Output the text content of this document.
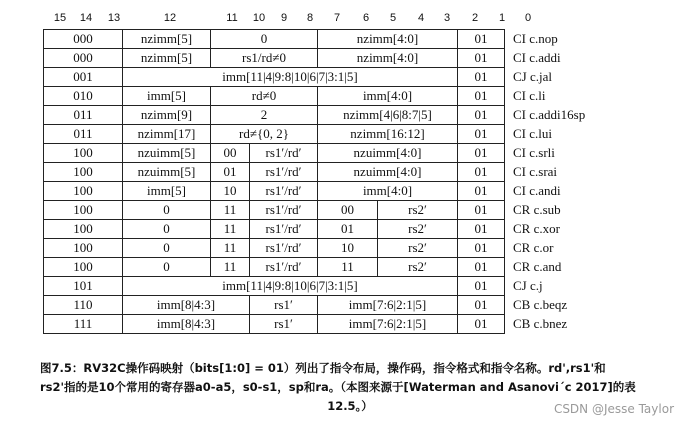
15 14 13	12	11 10 9 8 7 6 5 4 3 2 1 0
000	nzimm[5]	0		nzimm[4:0]		01	CI c.nop
000	nzimm[5]	rs1/rd≠0		nzimm[4:0]		01	CI c.addi
001	imm[11|4|9:8|10|6|7|3:1|5]					01	CJ c.jal
010	imm[5]	rd≠0		imm[4:0]		01	CI c.li
011	nzimm[9]	2		nzimm[4|6|8:7|5]		01	CI c.addi16sp
011	nzimm[17]	rd≠{0, 2}		nzimm[16:12]		01	CI c.lui
100	nzuimm[5]	00	rs1′/rd′	nzuimm[4:0]		01	CI c.srli
100	nzuimm[5]	01	rs1′/rd′	nzuimm[4:0]		01	CI c.srai
100	imm[5]	10	rs1′/rd′	imm[4:0]		01	CI c.andi
100	0	11	rs1′/rd′	00	rs2′	01	CR c.sub
100	0	11	rs1′/rd′	01	rs2′	01	CR c.xor
100	0	11	rs1′/rd′	10	rs2′	01	CR c.or
100	0	11	rs1′/rd′	11	rs2′	01	CR c.and
101	imm[11|4|9:8|10|6|7|3:1|5]					01	CJ c.j
110	imm[8|4:3]		rs1′	imm[7:6|2:1|5]		01	CB c.beqz
111	imm[8|4:3]		rs1′	imm[7:6|2:1|5]		01	CB c.bnez
图7.5：RV32C操作码映射（bits[1:0] = 01）列出了指令布局，操作码，指令格式和指令名称。rd',rs1'和
rs2'指的是10个常用的寄存器a0-a5，s0-s1，sp和ra。（本图来源于[Waterman and Asanovi´c 2017]的表
12.5。）	CSDN @Jesse Taylor
